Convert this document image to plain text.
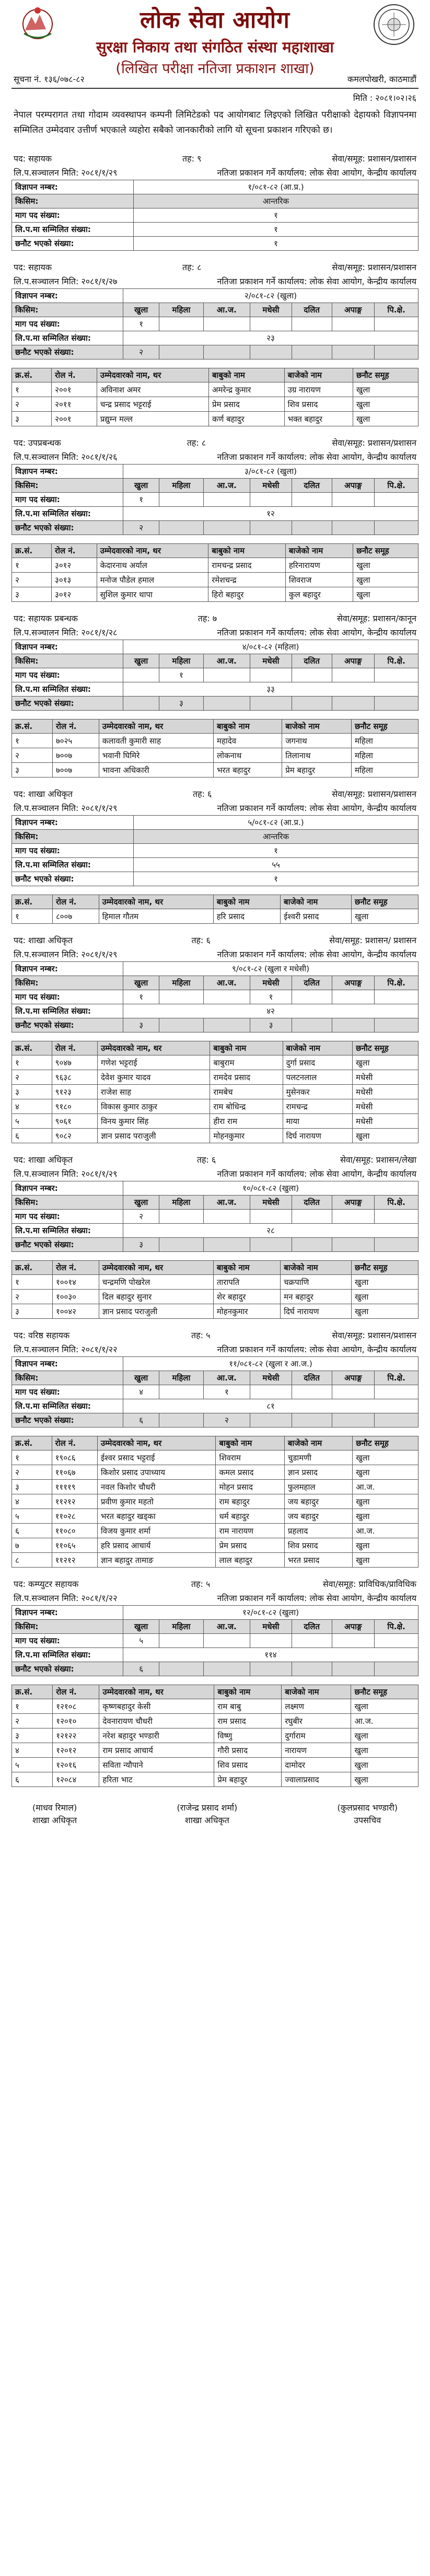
लोक सेवा आयोग
सुरक्षा निकाय तथा संगठित संस्था महाशाखा
(लिखित परीक्षा नतिजा प्रकाशन शाखा)
सूचना नं. १३६/०७८-८२	कमलपोखरी, काठमाडौं
मिति : २०८१।०२।२६
नेपाल परम्परागत तथा गोदाम व्यवस्थापन कम्पनी लिमिटेडको पद आयोगबाट लिइएको लिखित परीक्षाको देहायको विज्ञापनमा सम्मिलित उम्मेदवार उत्तीर्ण भएकाले व्यहोरा सबैको जानकारीको लागि यो सूचना प्रकाशन गरिएको छ।
पद: सहायक	तह: ९	सेवा/समूह: प्रशासन/प्रशासन
लि.प.सञ्चालन मिति: २०८१/१/२९	नतिजा प्रकाशन गर्ने कार्यालय: लोक सेवा आयोग, केन्द्रीय कार्यालय
विज्ञापन नम्बर:	१/०८१-८२ (आ.प्र.)
किसिम:	आन्तरिक
माग पद संख्या:	१
लि.प.मा सम्मिलित संख्या:	१
छनौट भएको संख्या:	१
पद: सहायक	तह: ८	सेवा/समूह: प्रशासन/प्रशासन
लि.प.सञ्चालन मिति: २०८१/१/२७	नतिजा प्रकाशन गर्ने कार्यालय: लोक सेवा आयोग, केन्द्रीय कार्यालय
विज्ञापन नम्बर:	२/०८१-८२ (खुला)						
किसिम:	खुला	महिला	आ.ज.	मधेसी	दलित	अपाङ्ग	पि.क्षे.
माग पद संख्या:	१						
लि.प.मा सम्मिलित संख्या:	२३						
छनौट भएको संख्या:	२						
क्र.सं.	रोल नं.	उम्मेदवारको नाम, थर	बाबुको नाम	बाजेको नाम	छनौट समूह
१	२००१	अविनाश अमर	अमरेन्द्र कुमार	उग्र नारायण	खुला
२	२०११	चन्द्र प्रसाद भट्टराई	प्रेम प्रसाद	शिव प्रसाद	खुला
३	२००१	प्रद्युम्न मल्ल	कर्ण बहादुर	भक्त बहादुर	खुला
पद: उपप्रबन्धक	तह: ८	सेवा/समूह: प्रशासन/प्रशासन
लि.प.सञ्चालन मिति: २०८१/१/२६	नतिजा प्रकाशन गर्ने कार्यालय: लोक सेवा आयोग, केन्द्रीय कार्यालय
विज्ञापन नम्बर:	३/०८१-८२ (खुला)						
किसिम:	खुला	महिला	आ.ज.	मधेसी	दलित	अपाङ्ग	पि.क्षे.
माग पद संख्या:	१						
लि.प.मा सम्मिलित संख्या:	१२						
छनौट भएको संख्या:	२						
क्र.सं.	रोल नं.	उम्मेदवारको नाम, थर	बाबुको नाम	बाजेको नाम	छनौट समूह
१	३०१२	केदारनाथ अर्याल	रामचन्द्र प्रसाद	हरिनारायण	खुला
२	३०१३	मनोज पौडेल हमाल	रमेशचन्द्र	शिवराज	खुला
३	३०१२	सुशिल कुमार थापा	हिरो बहादुर	कुल बहादुर	खुला
पद: सहायक प्रबन्धक	तह: ७	सेवा/समूह: प्रशासन/कानून
लि.प.सञ्चालन मिति: २०८१/१/२८	नतिजा प्रकाशन गर्ने कार्यालय: लोक सेवा आयोग, केन्द्रीय कार्यालय
विज्ञापन नम्बर:	४/०८१-८२ (महिला)						
किसिम:	खुला	महिला	आ.ज.	मधेसी	दलित	अपाङ्ग	पि.क्षे.
माग पद संख्या:		१					
लि.प.मा सम्मिलित संख्या:	३३						
छनौट भएको संख्या:		३					
क्र.सं.	रोल नं.	उम्मेदवारको नाम, थर	बाबुको नाम	बाजेको नाम	छनौट समूह
१	७०२५	कलावती कुमारी साह	महादेव	जगनाथ	महिला
२	७००७	भवानी घिमिरे	लोकनाथ	तिलानाथ	महिला
३	७००७	भावना अधिकारी	भरत बहादुर	प्रेम बहादुर	महिला
पद: शाखा अधिकृत	तह: ६	सेवा/समूह: प्रशासन/प्रशासन
लि.प.सञ्चालन मिति: २०८१/१/२९	नतिजा प्रकाशन गर्ने कार्यालय: लोक सेवा आयोग, केन्द्रीय कार्यालय
विज्ञापन नम्बर:	५/०८१-८२ (आ.प्र.)
किसिम:	आन्तरिक
माग पद संख्या:	१
लि.प.मा सम्मिलित संख्या:	५५
छनौट भएको संख्या:	१
क्र.सं.	रोल नं.	उम्मेदवारको नाम, थर	बाबुको नाम	बाजेको नाम	छनौट समूह
१	८००७	हिमाल गौतम	हरि प्रसाद	ईश्वरी प्रसाद	खुला
पद: शाखा अधिकृत	तह: ६	सेवा/समूह: प्रशासन/ प्रशासन
लि.प.सञ्चालन मिति: २०८१/१/२९	नतिजा प्रकाशन गर्ने कार्यालय: लोक सेवा आयोग, केन्द्रीय कार्यालय
विज्ञापन नम्बर:	९/०८१-८२ (खुला र मधेसी)						
किसिम:	खुला	महिला	आ.ज.	मधेसी	दलित	अपाङ्ग	पि.क्षे.
माग पद संख्या:	१			१			
लि.प.मा सम्मिलित संख्या:	४२						
छनौट भएको संख्या:	३			३			
क्र.सं.	रोल नं.	उम्मेदवारको नाम, थर	बाबुको नाम	बाजेको नाम	छनौट समूह
१	९०४७	गणेश भट्टराई	बाबुराम	दुर्गा प्रसाद	खुला
२	९६३८	देवेश कुमार यादव	रामदेव प्रसाद	पलटनलाल	मधेसी
३	९१२३	राजेश साह	रामबेच	मुसेनकर	मधेसी
४	९१८०	विकास कुमार ठाकुर	राम बोधिन्द्र	रामचन्द्र	मधेसी
५	९०६१	विनय कुमार सिंह	हीरा राम	माया	मधेसी
६	९०८२	ज्ञान प्रसाद पराजुली	मोहनकुमार	दिर्घ नारायण	खुला
पद: शाखा अधिकृत	तह: ६	सेवा/समूह: प्रशासन/लेखा
लि.प.सञ्चालन मिति: २०८१/१/२९	नतिजा प्रकाशन गर्ने कार्यालय: लोक सेवा आयोग, केन्द्रीय कार्यालय
विज्ञापन नम्बर:	१०/०८१-८२ (खुला)						
किसिम:	खुला	महिला	आ.ज.	मधेसी	दलित	अपाङ्ग	पि.क्षे.
माग पद संख्या:	२						
लि.प.मा सम्मिलित संख्या:	२८						
छनौट भएको संख्या:	३						
क्र.सं.	रोल नं.	उम्मेदवारको नाम, थर	बाबुको नाम	बाजेको नाम	छनौट समूह
१	१००१४	चन्द्रमणि पोखरेल	तारापति	चक्रपाणि	खुला
२	१००३०	दिल बहादुर सुनार	शेर बहादुर	मन बहादुर	खुला
३	१००४२	ज्ञान प्रसाद पराजुली	मोहनकुमार	दिर्घ नारायण	खुला
पद: वरिष्ठ सहायक	तह: ५	सेवा/समूह: प्रशासन/प्रशासन
लि.प.सञ्चालन मिति: २०८१/१/२२	नतिजा प्रकाशन गर्ने कार्यालय: लोक सेवा आयोग, केन्द्रीय कार्यालय
विज्ञापन नम्बर:	११/०८१-८२ (खुला र आ.ज.)						
किसिम:	खुला	महिला	आ.ज.	मधेसी	दलित	अपाङ्ग	पि.क्षे.
माग पद संख्या:	४		१				
लि.प.मा सम्मिलित संख्या:	८१						
छनौट भएको संख्या:	६		२				
क्र.सं.	रोल नं.	उम्मेदवारको नाम, थर	बाबुको नाम	बाजेको नाम	छनौट समूह
१	१९०८६	ईश्वर प्रसाद भट्टराई	शिवराम	चुडामणी	खुला
२	११०६७	किशोर प्रसाद उपाध्याय	कमल प्रसाद	ज्ञान प्रसाद	खुला
३	११११९	नवल किशोर चौधरी	मोहन प्रसाद	फुलमहाल	आ.ज.
४	११२१२	प्रवीण कुमार महतो	राम बहादुर	जय बहादुर	खुला
५	११०२८	भरत बहादुर खड्का	धर्म बहादुर	जय बहादुर	खुला
६	११०८०	विजय कुमार शर्मा	राम नारायण	प्रहलाद	आ.ज.
७	११०६५	हरि प्रसाद आचार्य	प्रेम प्रसाद	शिव प्रसाद	खुला
८	११२१२	ज्ञान बहादुर तामाङ	लाल बहादुर	भरत प्रसाद	खुला
पद: कम्प्युटर सहायक	तह: ५	सेवा/समूह: प्राविधिक/प्राविधिक
लि.प.सञ्चालन मिति: २०८१/१/२२	नतिजा प्रकाशन गर्ने कार्यालय: लोक सेवा आयोग, केन्द्रीय कार्यालय
विज्ञापन नम्बर:	१२/०८१-८२ (खुला)						
किसिम:	खुला	महिला	आ.ज.	मधेसी	दलित	अपाङ्ग	पि.क्षे.
माग पद संख्या:	५						
लि.प.मा सम्मिलित संख्या:	११४						
छनौट भएको संख्या:	६						
क्र.सं.	रोल नं.	उम्मेदवारको नाम, थर	बाबुको नाम	बाजेको नाम	छनौट समूह
१	१२१०८	कृष्णबहादुर केसी	राम बाबु	लक्ष्मण	खुला
२	१२०१०	देवनारायण चौधरी	राम प्रसाद	रघुबीर	आ.ज.
३	१२१२२	नरेश बहादुर भण्डारी	विष्णु	दुर्गाराम	खुला
४	१२०१२	राम प्रसाद आचार्य	गौरी प्रसाद	नारायण	खुला
५	१२०१६	सविता न्यौपाने	शिव प्रसाद	दामोदर	खुला
६	१२०८४	हरिता भाट	प्रेम बहादुर	ज्वालाप्रसाद	खुला
(माधव रिमाल)
शाखा अधिकृत
(राजेन्द्र प्रसाद शर्मा)
शाखा अधिकृत
(कुलप्रसाद भण्डारी)
उपसचिव
